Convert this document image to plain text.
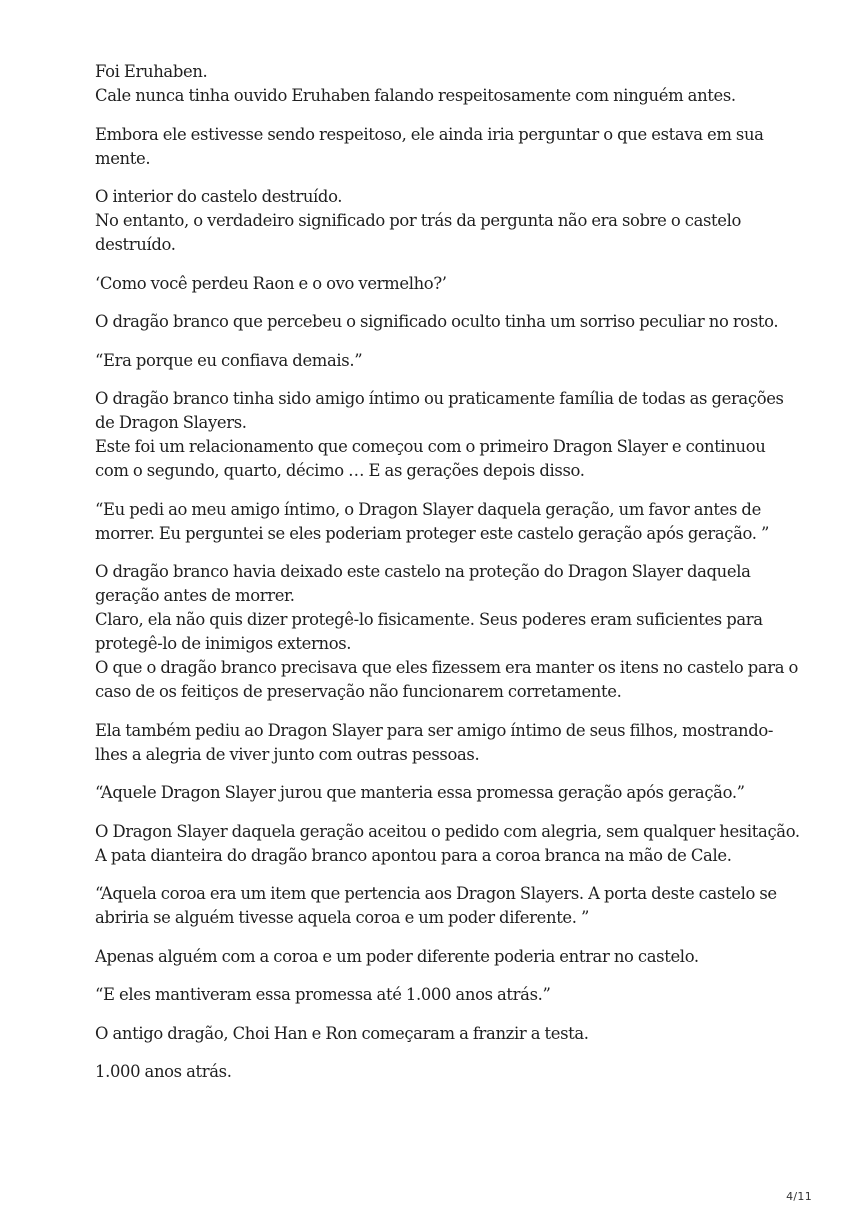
Foi Eruhaben.
Cale nunca tinha ouvido Eruhaben falando respeitosamente com ninguém antes.

Embora ele estivesse sendo respeitoso, ele ainda iria perguntar o que estava em sua
mente.

O interior do castelo destruído.
No entanto, o verdadeiro significado por trás da pergunta não era sobre o castelo
destruído.

‘Como você perdeu Raon e o ovo vermelho?’

O dragão branco que percebeu o significado oculto tinha um sorriso peculiar no rosto.

“Era porque eu confiava demais.”

O dragão branco tinha sido amigo íntimo ou praticamente família de todas as gerações
de Dragon Slayers.
Este foi um relacionamento que começou com o primeiro Dragon Slayer e continuou
com o segundo, quarto, décimo … E as gerações depois disso.

“Eu pedi ao meu amigo íntimo, o Dragon Slayer daquela geração, um favor antes de
morrer. Eu perguntei se eles poderiam proteger este castelo geração após geração. ”

O dragão branco havia deixado este castelo na proteção do Dragon Slayer daquela
geração antes de morrer.
Claro, ela não quis dizer protegê-lo fisicamente. Seus poderes eram suficientes para
protegê-lo de inimigos externos.
O que o dragão branco precisava que eles fizessem era manter os itens no castelo para o
caso de os feitiços de preservação não funcionarem corretamente.

Ela também pediu ao Dragon Slayer para ser amigo íntimo de seus filhos, mostrando-
lhes a alegria de viver junto com outras pessoas.

“Aquele Dragon Slayer jurou que manteria essa promessa geração após geração.”

O Dragon Slayer daquela geração aceitou o pedido com alegria, sem qualquer hesitação.
A pata dianteira do dragão branco apontou para a coroa branca na mão de Cale.

“Aquela coroa era um item que pertencia aos Dragon Slayers. A porta deste castelo se
abriria se alguém tivesse aquela coroa e um poder diferente. ”

Apenas alguém com a coroa e um poder diferente poderia entrar no castelo.

“E eles mantiveram essa promessa até 1.000 anos atrás.”

O antigo dragão, Choi Han e Ron começaram a franzir a testa.

1.000 anos atrás.

4/11
